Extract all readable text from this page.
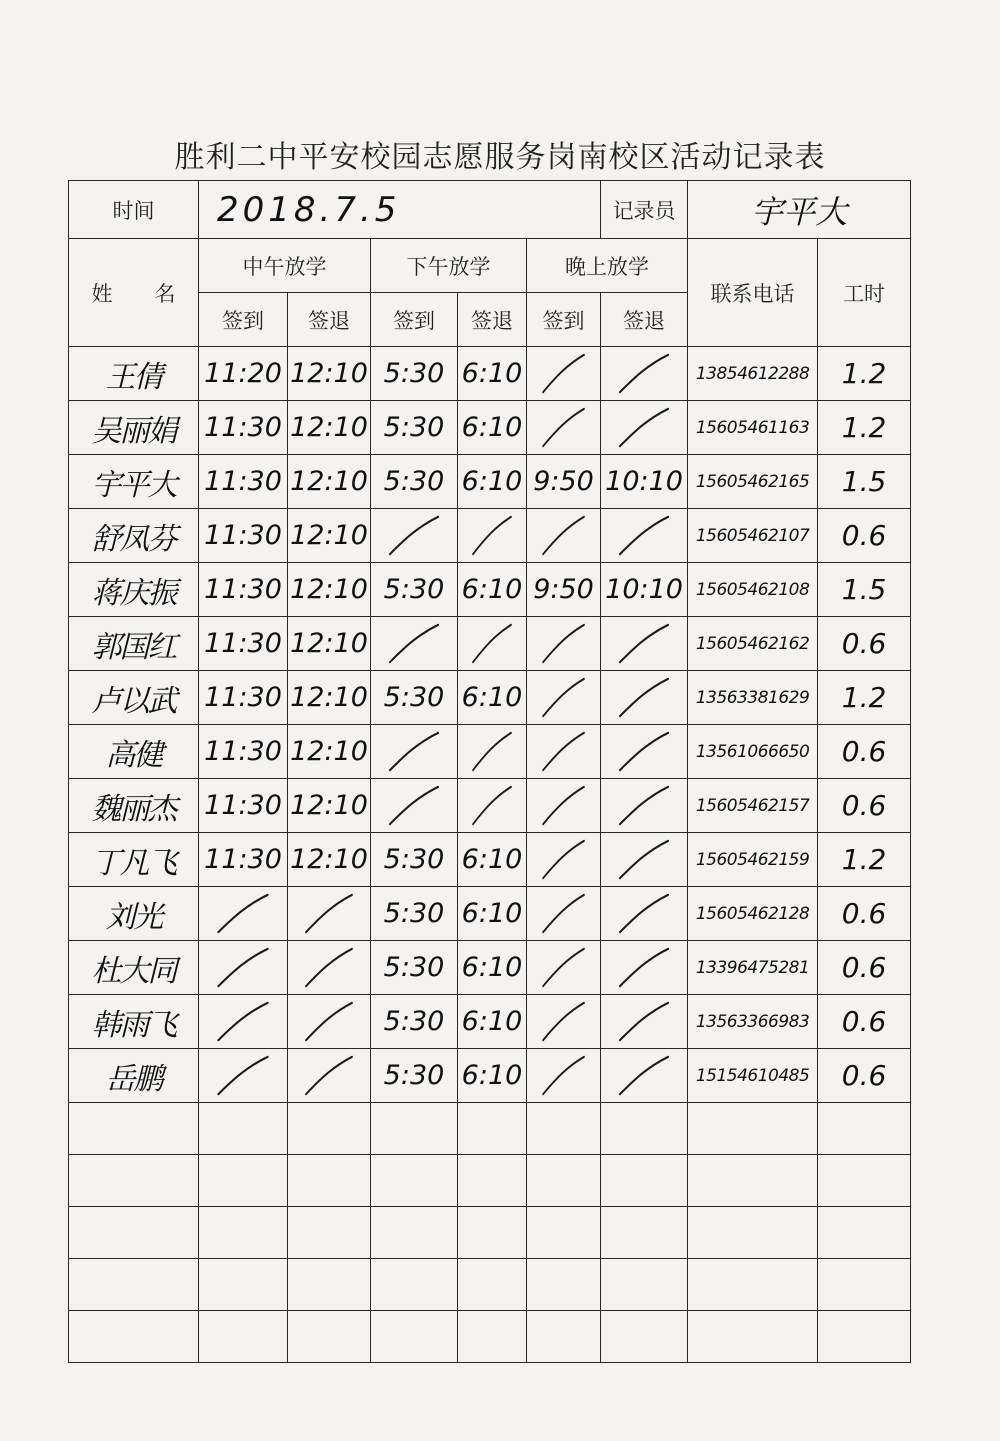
胜利二中平安校园志愿服务岗南校区活动记录表
时间	2018.7.5					记录员	宇平大	
姓　　名	中午放学		下午放学		晚上放学		联系电话	工时
	签到	签退	签到	签退	签到	签退		
王倩	11:20	12:10	5:30	6:10			13854612288	1.2
吴丽娟	11:30	12:10	5:30	6:10			15605461163	1.2
宇平大	11:30	12:10	5:30	6:10	9:50	10:10	15605462165	1.5
舒凤芬	11:30	12:10					15605462107	0.6
蒋庆振	11:30	12:10	5:30	6:10	9:50	10:10	15605462108	1.5
郭国红	11:30	12:10					15605462162	0.6
卢以武	11:30	12:10	5:30	6:10			13563381629	1.2
高健	11:30	12:10					13561066650	0.6
魏丽杰	11:30	12:10					15605462157	0.6
丁凡飞	11:30	12:10	5:30	6:10			15605462159	1.2
刘光			5:30	6:10			15605462128	0.6
杜大同			5:30	6:10			13396475281	0.6
韩雨飞			5:30	6:10			13563366983	0.6
岳鹏			5:30	6:10			15154610485	0.6
